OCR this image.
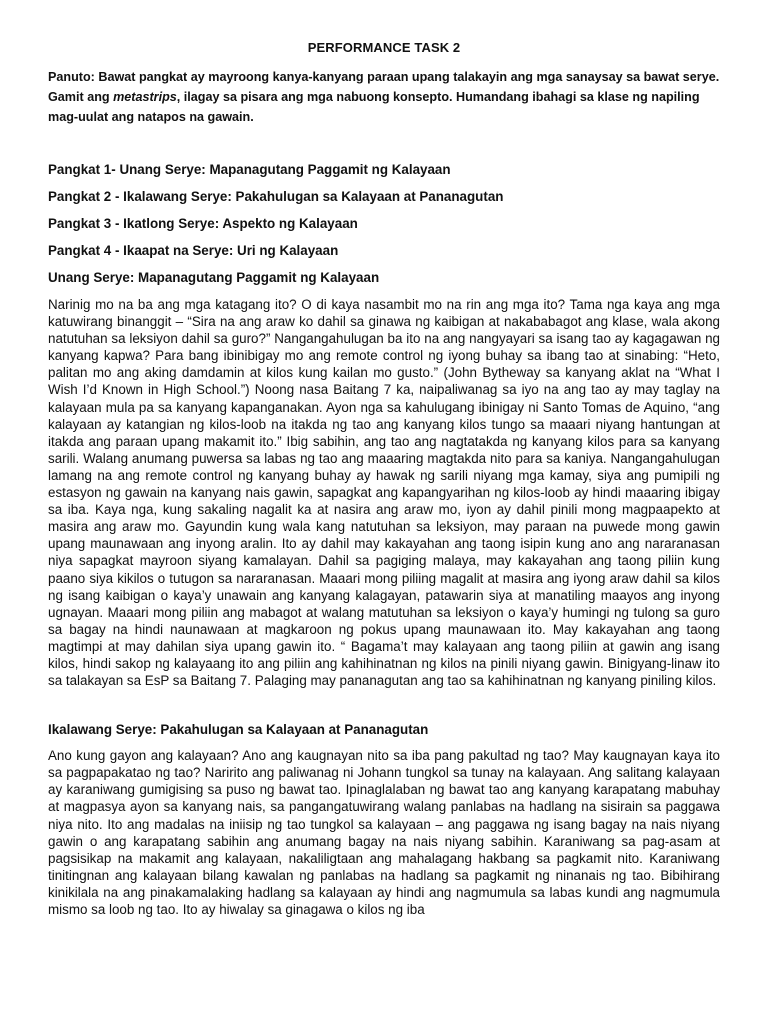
PERFORMANCE TASK 2

Panuto: Bawat pangkat ay mayroong kanya-kanyang paraan upang talakayin ang mga sanaysay sa bawat serye. Gamit ang metastrips, ilagay sa pisara ang mga nabuong konsepto. Humandang ibahagi sa klase ng napiling mag-uulat ang natapos na gawain.

Pangkat 1- Unang Serye: Mapanagutang Paggamit ng Kalayaan
Pangkat 2 - Ikalawang Serye: Pakahulugan sa Kalayaan at Pananagutan
Pangkat 3 - Ikatlong Serye: Aspekto ng Kalayaan
Pangkat 4 - Ikaapat na Serye: Uri ng Kalayaan
Unang Serye: Mapanagutang Paggamit ng Kalayaan

Narinig mo na ba ang mga katagang ito? O di kaya nasambit mo na rin ang mga ito? Tama nga kaya ang mga katuwirang binanggit – “Sira na ang araw ko dahil sa ginawa ng kaibigan at nakababagot ang klase, wala akong natutuhan sa leksiyon dahil sa guro?” Nangangahulugan ba ito na ang nangyayari sa isang tao ay kagagawan ng kanyang kapwa? Para bang ibinibigay mo ang remote control ng iyong buhay sa ibang tao at sinabing: “Heto, palitan mo ang aking damdamin at kilos kung kailan mo gusto.” (John Bytheway sa kanyang aklat na “What I Wish I’d Known in High School.”) Noong nasa Baitang 7 ka, naipaliwanag sa iyo na ang tao ay may taglay na kalayaan mula pa sa kanyang kapanganakan. Ayon nga sa kahulugang ibinigay ni Santo Tomas de Aquino, “ang kalayaan ay katangian ng kilos-loob na itakda ng tao ang kanyang kilos tungo sa maaari niyang hantungan at itakda ang paraan upang makamit ito.” Ibig sabihin, ang tao ang nagtatakda ng kanyang kilos para sa kanyang sarili. Walang anumang puwersa sa labas ng tao ang maaaring magtakda nito para sa kaniya. Nangangahulugan lamang na ang remote control ng kanyang buhay ay hawak ng sarili niyang mga kamay, siya ang pumipili ng estasyon ng gawain na kanyang nais gawin, sapagkat ang kapangyarihan ng kilos-loob ay hindi maaaring ibigay sa iba. Kaya nga, kung sakaling nagalit ka at nasira ang araw mo, iyon ay dahil pinili mong magpaapekto at masira ang araw mo. Gayundin kung wala kang natutuhan sa leksiyon, may paraan na puwede mong gawin upang maunawaan ang inyong aralin. Ito ay dahil may kakayahan ang taong isipin kung ano ang nararanasan niya sapagkat mayroon siyang kamalayan. Dahil sa pagiging malaya, may kakayahan ang taong piliin kung paano siya kikilos o tutugon sa nararanasan. Maaari mong piliing magalit at masira ang iyong araw dahil sa kilos ng isang kaibigan o kaya’y unawain ang kanyang kalagayan, patawarin siya at manatiling maayos ang inyong ugnayan. Maaari mong piliin ang mabagot at walang matutuhan sa leksiyon o kaya’y humingi ng tulong sa guro sa bagay na hindi naunawaan at magkaroon ng pokus upang maunawaan ito. May kakayahan ang taong magtimpi at may dahilan siya upang gawin ito. “ Bagama’t may kalayaan ang taong piliin at gawin ang isang kilos, hindi sakop ng kalayaang ito ang piliin ang kahihinatnan ng kilos na pinili niyang gawin. Binigyang-linaw ito sa talakayan sa EsP sa Baitang 7. Palaging may pananagutan ang tao sa kahihinatnan ng kanyang piniling kilos.

Ikalawang Serye: Pakahulugan sa Kalayaan at Pananagutan

Ano kung gayon ang kalayaan? Ano ang kaugnayan nito sa iba pang pakultad ng tao? May kaugnayan kaya ito sa pagpapakatao ng tao? Naririto ang paliwanag ni Johann tungkol sa tunay na kalayaan. Ang salitang kalayaan ay karaniwang gumigising sa puso ng bawat tao. Ipinaglalaban ng bawat tao ang kanyang karapatang mabuhay at magpasya ayon sa kanyang nais, sa pangangatuwirang walang panlabas na hadlang na sisirain sa paggawa niya nito. Ito ang madalas na iniisip ng tao tungkol sa kalayaan – ang paggawa ng isang bagay na nais niyang gawin o ang karapatang sabihin ang anumang bagay na nais niyang sabihin. Karaniwang sa pag-asam at pagsisikap na makamit ang kalayaan, nakaliligtaan ang mahalagang hakbang sa pagkamit nito. Karaniwang tinitingnan ang kalayaan bilang kawalan ng panlabas na hadlang sa pagkamit ng ninanais ng tao. Bibihirang kinikilala na ang pinakamalaking hadlang sa kalayaan ay hindi ang nagmumula sa labas kundi ang nagmumula mismo sa loob ng tao. Ito ay hiwalay sa ginagawa o kilos ng iba
